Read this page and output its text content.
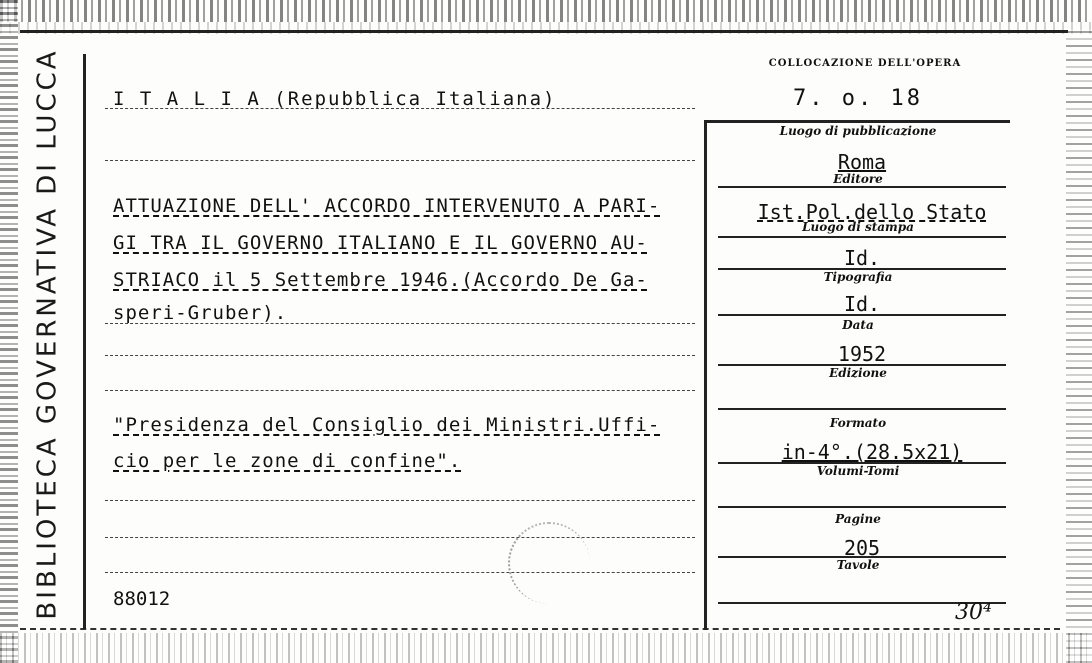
BIBLIOTECA GOVERNATIVA DI LUCCA	COLLOCAZIONE DELL'OPERA
7. o. 18
I T A L I A (Repubblica Italiana)
ATTUAZIONE DELL' ACCORDO INTERVENUTO A PARI-
GI TRA IL GOVERNO ITALIANO E IL GOVERNO AU-
STRIACO il 5 Settembre 1946.(Accordo De Ga-
speri-Gruber).
"Presidenza del Consiglio dei Ministri.Uffi-
cio per le zone di confine".
88012
Luogo di pubblicazione
Roma
Editore
Ist.Pol.dello Stato
Luogo di stampa
Id.
Tipografia
Id.
Data
1952
Edizione
Formato
in-4°.(28.5x21)
Volumi-Tomi
Pagine
205
Tavole
30⁴
